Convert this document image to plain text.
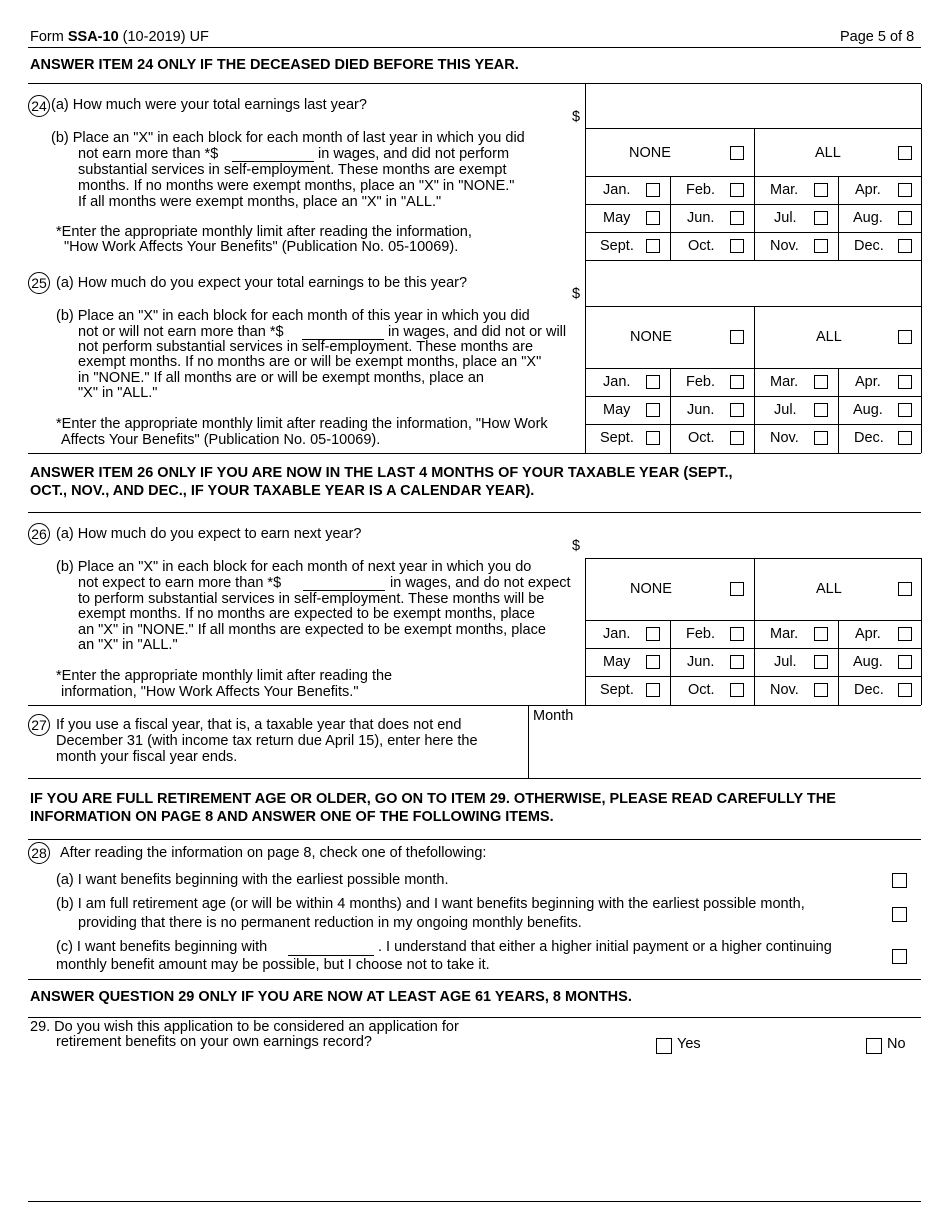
Form SSA-10 (10-2019) UF	Page 5 of 8
ANSWER ITEM 24 ONLY IF THE DECEASED DIED BEFORE THIS YEAR.
24 (a) How much were your total earnings last year?
$
(b) Place an "X" in each block for each month of last year in which you did
not earn more than *$	in wages, and did not perform
substantial services in self-employment. These months are exempt
months. If no months were exempt months, place an "X" in "NONE."
If all months were exempt months, place an "X" in "ALL."
*Enter the appropriate monthly limit after reading the information,
"How Work Affects Your Benefits" (Publication No. 05-10069).
NONE	ALL
Jan.	Feb.	Mar.	Apr.
May	Jun.	Jul.	Aug.
Sept.	Oct.	Nov.	Dec.
25 (a) How much do you expect your total earnings to be this year?
$
(b) Place an "X" in each block for each month of this year in which you did
not or will not earn more than *$	in wages, and did not or will
not perform substantial services in self-employment. These months are
exempt months. If no months are or will be exempt months, place an "X"
in "NONE." If all months are or will be exempt months, place an
"X" in "ALL."
*Enter the appropriate monthly limit after reading the information, "How Work
Affects Your Benefits" (Publication No. 05-10069).
NONE	ALL
Jan.	Feb.	Mar.	Apr.
May	Jun.	Jul.	Aug.
Sept.	Oct.	Nov.	Dec.
ANSWER ITEM 26 ONLY IF YOU ARE NOW IN THE LAST 4 MONTHS OF YOUR TAXABLE YEAR (SEPT.,
OCT., NOV., AND DEC., IF YOUR TAXABLE YEAR IS A CALENDAR YEAR).
26 (a) How much do you expect to earn next year?
$
(b) Place an "X" in each block for each month of next year in which you do
not expect to earn more than *$	in wages, and do not expect
to perform substantial services in self-employment. These months will be
exempt months. If no months are expected to be exempt months, place
an "X" in "NONE." If all months are expected to be exempt months, place
an "X" in "ALL."
*Enter the appropriate monthly limit after reading the
information, "How Work Affects Your Benefits."
NONE	ALL
Jan.	Feb.	Mar.	Apr.
May	Jun.	Jul.	Aug.
Sept.	Oct.	Nov.	Dec.
27 If you use a fiscal year, that is, a taxable year that does not end
December 31 (with income tax return due April 15), enter here the
month your fiscal year ends.
Month
IF YOU ARE FULL RETIREMENT AGE OR OLDER, GO ON TO ITEM 29. OTHERWISE, PLEASE READ CAREFULLY THE
INFORMATION ON PAGE 8 AND ANSWER ONE OF THE FOLLOWING ITEMS.
28 After reading the information on page 8, check one of thefollowing:
(a) I want benefits beginning with the earliest possible month.
(b) I am full retirement age (or will be within 4 months) and I want benefits beginning with the earliest possible month,
providing that there is no permanent reduction in my ongoing monthly benefits.
(c) I want benefits beginning with	. I understand that either a higher initial payment or a higher continuing
monthly benefit amount may be possible, but I choose not to take it.
ANSWER QUESTION 29 ONLY IF YOU ARE NOW AT LEAST AGE 61 YEARS, 8 MONTHS.
29. Do you wish this application to be considered an application for
retirement benefits on your own earnings record?	Yes	No
